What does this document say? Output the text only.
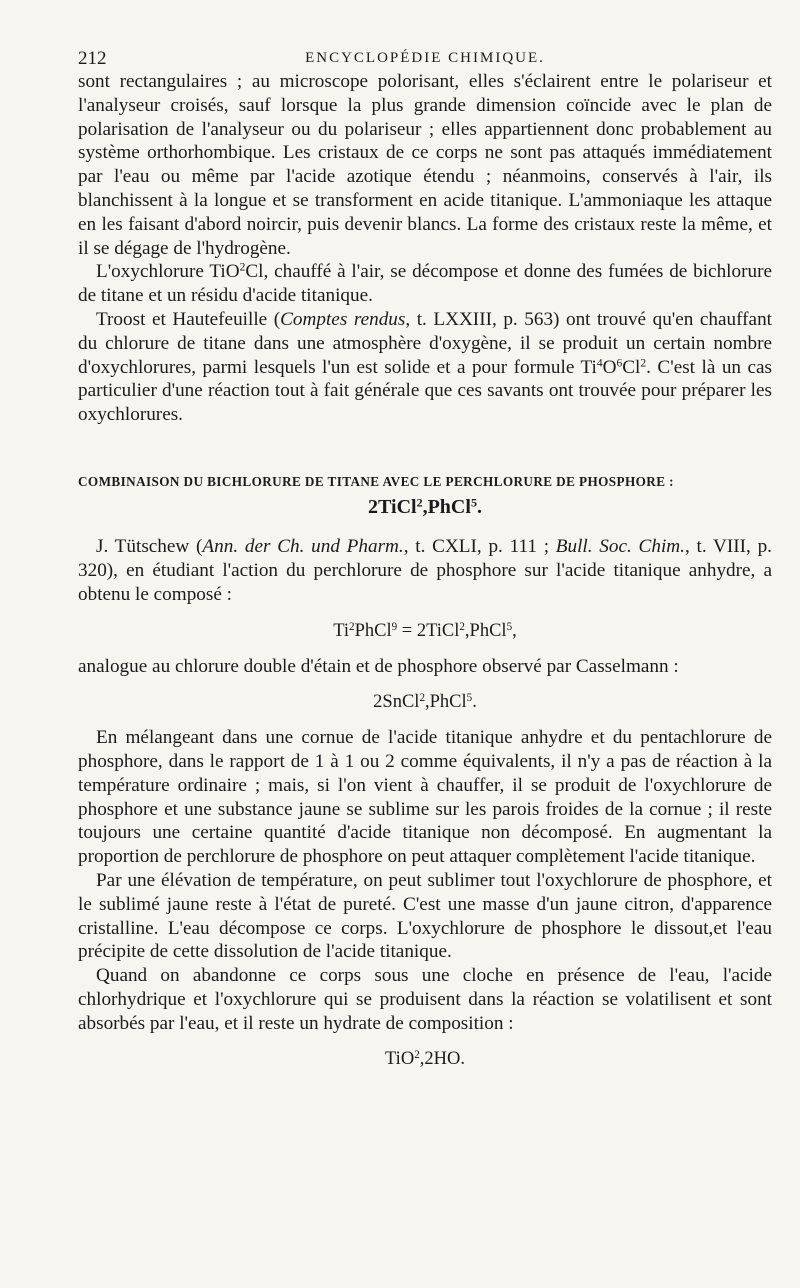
212	ENCYCLOPÉDIE CHIMIQUE.

sont rectangulaires ; au microscope polorisant, elles s'éclairent entre le polariseur et l'analyseur croisés, sauf lorsque la plus grande dimension coïncide avec le plan de polarisation de l'analyseur ou du polariseur ; elles appartiennent donc probablement au système orthorhombique. Les cristaux de ce corps ne sont pas attaqués immédiatement par l'eau ou même par l'acide azotique étendu ; néanmoins, conservés à l'air, ils blanchissent à la longue et se transforment en acide titanique. L'ammoniaque les attaque en les faisant d'abord noircir, puis devenir blancs. La forme des cristaux reste la même, et il se dégage de l'hydrogène.

L'oxychlorure TiO$^2$Cl, chauffé à l'air, se décompose et donne des fumées de bichlorure de titane et un résidu d'acide titanique.

Troost et Hautefeuille (Comptes rendus, t. LXXIII, p. 563) ont trouvé qu'en chauffant du chlorure de titane dans une atmosphère d'oxygène, il se produit un certain nombre d'oxychlorures, parmi lesquels l'un est solide et a pour formule $Ti^4O^6Cl^2$. C'est là un cas particulier d'une réaction tout à fait générale que ces savants ont trouvée pour préparer les oxychlorures.

COMBINAISON DU BICHLORURE DE TITANE AVEC LE PERCHLORURE DE PHOSPHORE :
2TiCl$^2$,PhCl$^5$.

J. Tütschew (Ann. der Ch. und Pharm., t. CXLI, p. 111 ; Bull. Soc. Chim., t. VIII, p. 320), en étudiant l'action du perchlorure de phosphore sur l'acide titanique anhydre, a obtenu le composé :

$Ti^2PhCl^9$ = 2TiCl$^2$,PhCl$^5$,

analogue au chlorure double d'étain et de phosphore observé par Casselmann :

2SnCl$^2$,PhCl$^5$.

En mélangeant dans une cornue de l'acide titanique anhydre et du pentachlorure de phosphore, dans le rapport de 1 à 1 ou 2 comme équivalents, il n'y a pas de réaction à la température ordinaire ; mais, si l'on vient à chauffer, il se produit de l'oxychlorure de phosphore et une substance jaune se sublime sur les parois froides de la cornue ; il reste toujours une certaine quantité d'acide titanique non décomposé. En augmentant la proportion de perchlorure de phosphore on peut attaquer complètement l'acide titanique.

Par une élévation de température, on peut sublimer tout l'oxychlorure de phosphore, et le sublimé jaune reste à l'état de pureté. C'est une masse d'un jaune citron, d'apparence cristalline. L'eau décompose ce corps. L'oxychlorure de phosphore le dissout,et l'eau précipite de cette dissolution de l'acide titanique.

Quand on abandonne ce corps sous une cloche en présence de l'eau, l'acide chlorhydrique et l'oxychlorure qui se produisent dans la réaction se volatilisent et sont absorbés par l'eau, et il reste un hydrate de composition :

TiO$^2$,2HO.
